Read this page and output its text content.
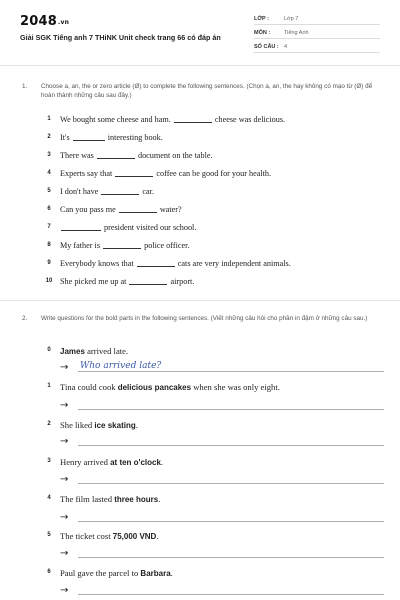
2048.vn
Giải SGK Tiếng anh 7 THiNK Unit check trang 66 có đáp án
LỚP :	Lớp 7
MÔN :	Tiếng Anh
SỐ CÂU : 4
1. Choose a, an, the or zero article (Ø) to complete the following sentences. (Chọn a, an, the hay không có mạo từ (Ø) để hoàn thành những câu sau đây.)
1	We bought some cheese and ham.	cheese was delicious.
2	It's	interesting book.
3	There was	document on the table.
4	Experts say that	coffee can be good for your health.
5	I don't have	car.
6	Can you pass me	water?
7	president visited our school.
8	My father is	police officer.
9	Everybody knows that	cats are very independent animals.
10 She picked me up at	airport.
2. Write questions for the bold parts in the following sentences. (Viết những câu hỏi cho phần in đậm ở những câu sau.)
0	James arrived late.
→ Who arrived late?
1	Tina could cook delicious pancakes when she was only eight.
→
2	She liked ice skating.
→
3	Henry arrived at ten o'clock.
→
4	The film lasted three hours.
→
5	The ticket cost 75,000 VND.
→
6	Paul gave the parcel to Barbara.
→
